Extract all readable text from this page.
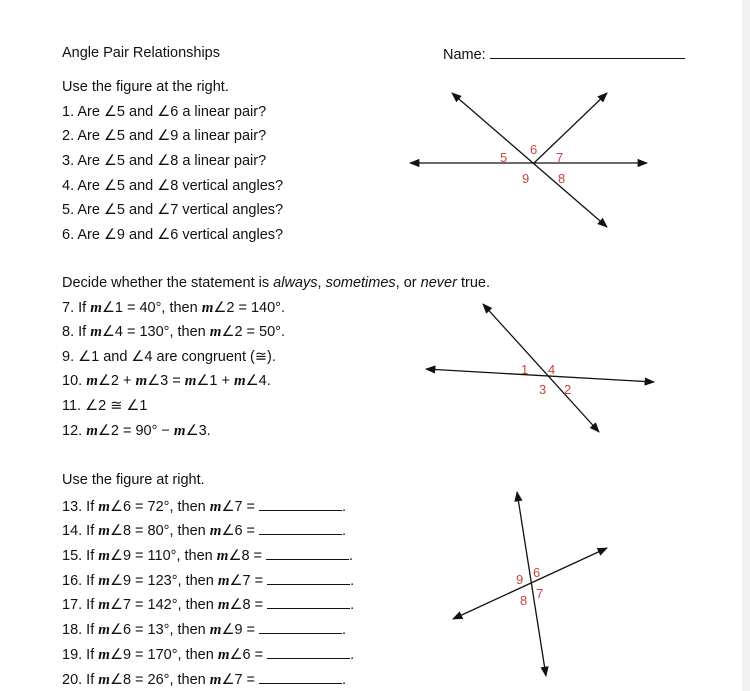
Angle Pair Relationships	Name:
Use the figure at the right.
1. Are ∠5 and ∠6 a linear pair?
2. Are ∠5 and ∠9 a linear pair?
3. Are ∠5 and ∠8 a linear pair?
4. Are ∠5 and ∠8 vertical angles?
5. Are ∠5 and ∠7 vertical angles?
6. Are ∠9 and ∠6 vertical angles?
Decide whether the statement is always, sometimes, or never true.
7. If m∠1 = 40°, then m∠2 = 140°.
8. If m∠4 = 130°, then m∠2 = 50°.
9. ∠1 and ∠4 are congruent (≅).
10. m∠2 + m∠3 = m∠1 + m∠4.
11. ∠2 ≅ ∠1
12. m∠2 = 90° − m∠3.
Use the figure at right.
13. If m∠6 = 72°, then m∠7 =	.
14. If m∠8 = 80°, then m∠6 =	.
15. If m∠9 = 110°, then m∠8 =	.
16. If m∠9 = 123°, then m∠7 =	.
17. If m∠7 = 142°, then m∠8 =	.
18. If m∠6 = 13°, then m∠9 =	.
19. If m∠9 = 170°, then m∠6 =	.
20. If m∠8 = 26°, then m∠7 =	.
5
6
7
9 8
1 4
3 2
9 6
8 7
